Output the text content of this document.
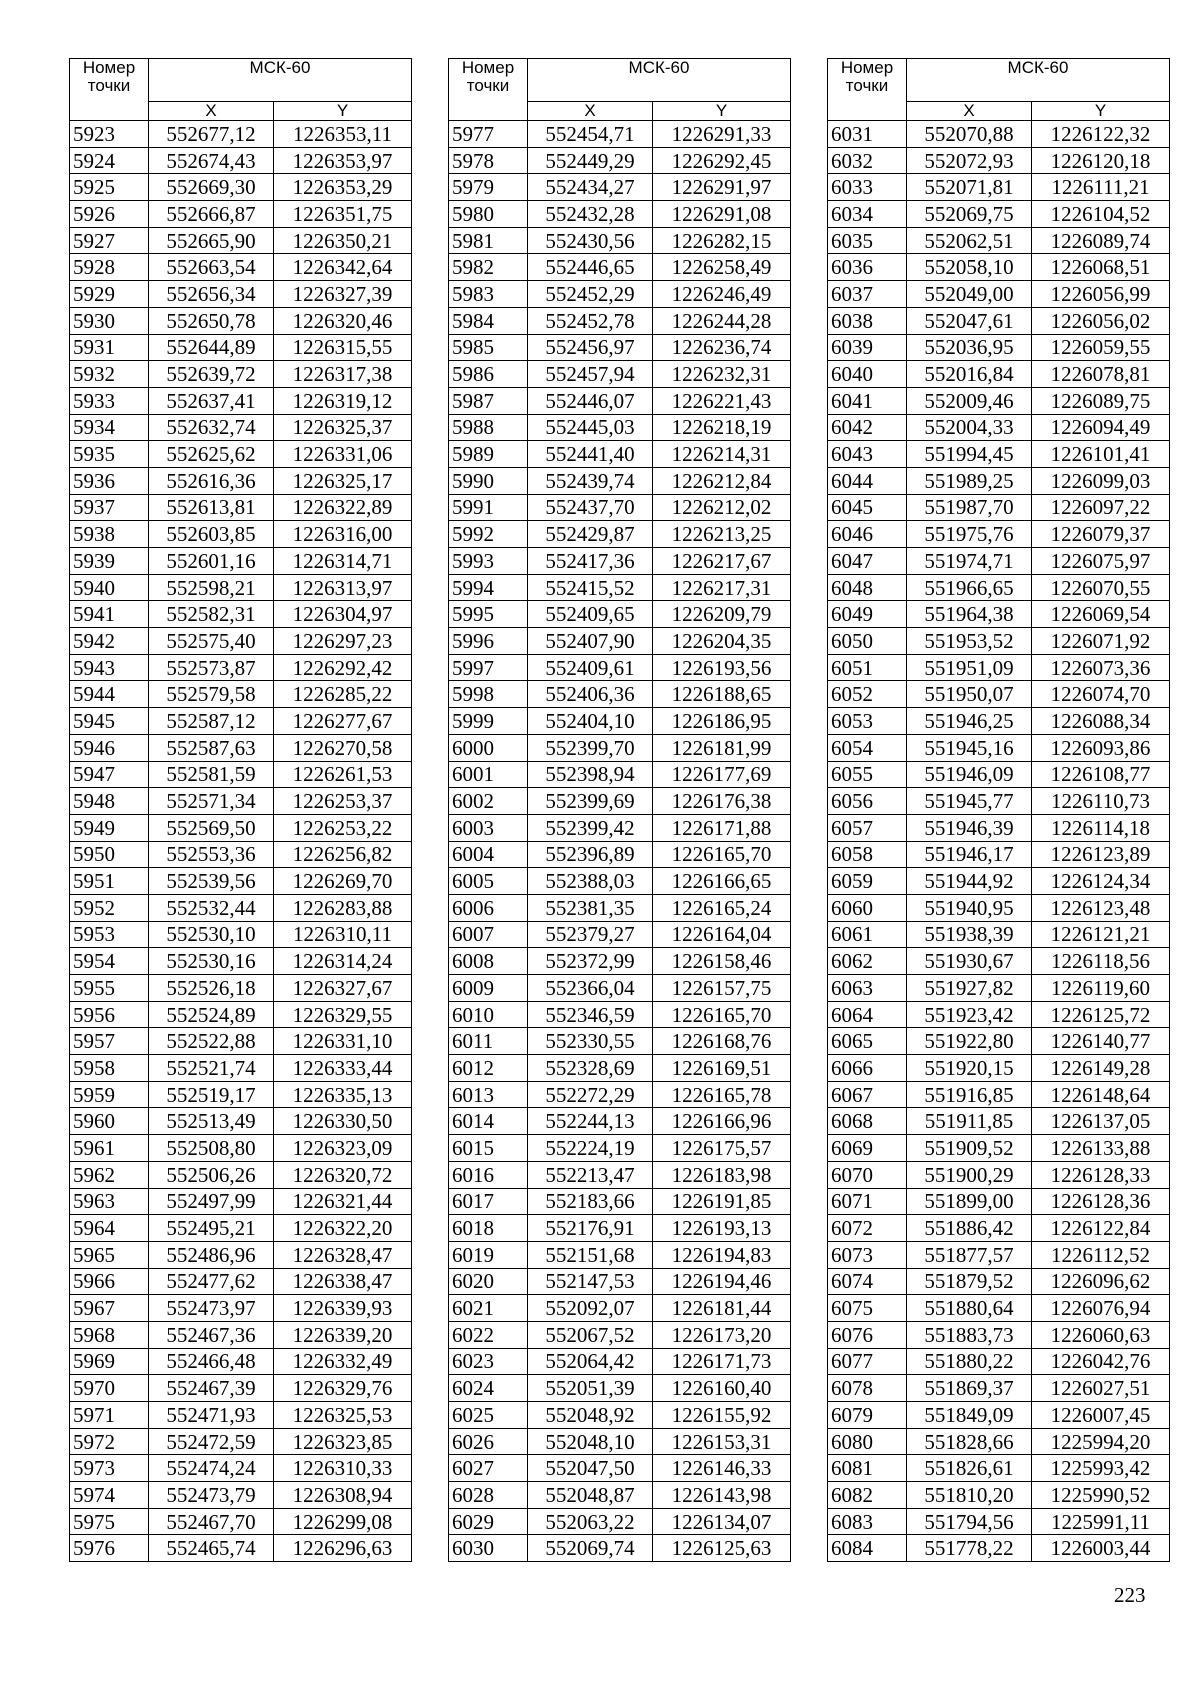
Номер точки	МСК-60	
	X	Y
5923	552677,12	1226353,11
5924	552674,43	1226353,97
5925	552669,30	1226353,29
5926	552666,87	1226351,75
5927	552665,90	1226350,21
5928	552663,54	1226342,64
5929	552656,34	1226327,39
5930	552650,78	1226320,46
5931	552644,89	1226315,55
5932	552639,72	1226317,38
5933	552637,41	1226319,12
5934	552632,74	1226325,37
5935	552625,62	1226331,06
5936	552616,36	1226325,17
5937	552613,81	1226322,89
5938	552603,85	1226316,00
5939	552601,16	1226314,71
5940	552598,21	1226313,97
5941	552582,31	1226304,97
5942	552575,40	1226297,23
5943	552573,87	1226292,42
5944	552579,58	1226285,22
5945	552587,12	1226277,67
5946	552587,63	1226270,58
5947	552581,59	1226261,53
5948	552571,34	1226253,37
5949	552569,50	1226253,22
5950	552553,36	1226256,82
5951	552539,56	1226269,70
5952	552532,44	1226283,88
5953	552530,10	1226310,11
5954	552530,16	1226314,24
5955	552526,18	1226327,67
5956	552524,89	1226329,55
5957	552522,88	1226331,10
5958	552521,74	1226333,44
5959	552519,17	1226335,13
5960	552513,49	1226330,50
5961	552508,80	1226323,09
5962	552506,26	1226320,72
5963	552497,99	1226321,44
5964	552495,21	1226322,20
5965	552486,96	1226328,47
5966	552477,62	1226338,47
5967	552473,97	1226339,93
5968	552467,36	1226339,20
5969	552466,48	1226332,49
5970	552467,39	1226329,76
5971	552471,93	1226325,53
5972	552472,59	1226323,85
5973	552474,24	1226310,33
5974	552473,79	1226308,94
5975	552467,70	1226299,08
5976	552465,74	1226296,63
Номер точки	МСК-60	
	X	Y
5977	552454,71	1226291,33
5978	552449,29	1226292,45
5979	552434,27	1226291,97
5980	552432,28	1226291,08
5981	552430,56	1226282,15
5982	552446,65	1226258,49
5983	552452,29	1226246,49
5984	552452,78	1226244,28
5985	552456,97	1226236,74
5986	552457,94	1226232,31
5987	552446,07	1226221,43
5988	552445,03	1226218,19
5989	552441,40	1226214,31
5990	552439,74	1226212,84
5991	552437,70	1226212,02
5992	552429,87	1226213,25
5993	552417,36	1226217,67
5994	552415,52	1226217,31
5995	552409,65	1226209,79
5996	552407,90	1226204,35
5997	552409,61	1226193,56
5998	552406,36	1226188,65
5999	552404,10	1226186,95
6000	552399,70	1226181,99
6001	552398,94	1226177,69
6002	552399,69	1226176,38
6003	552399,42	1226171,88
6004	552396,89	1226165,70
6005	552388,03	1226166,65
6006	552381,35	1226165,24
6007	552379,27	1226164,04
6008	552372,99	1226158,46
6009	552366,04	1226157,75
6010	552346,59	1226165,70
6011	552330,55	1226168,76
6012	552328,69	1226169,51
6013	552272,29	1226165,78
6014	552244,13	1226166,96
6015	552224,19	1226175,57
6016	552213,47	1226183,98
6017	552183,66	1226191,85
6018	552176,91	1226193,13
6019	552151,68	1226194,83
6020	552147,53	1226194,46
6021	552092,07	1226181,44
6022	552067,52	1226173,20
6023	552064,42	1226171,73
6024	552051,39	1226160,40
6025	552048,92	1226155,92
6026	552048,10	1226153,31
6027	552047,50	1226146,33
6028	552048,87	1226143,98
6029	552063,22	1226134,07
6030	552069,74	1226125,63
Номер точки	МСК-60	
	X	Y
6031	552070,88	1226122,32
6032	552072,93	1226120,18
6033	552071,81	1226111,21
6034	552069,75	1226104,52
6035	552062,51	1226089,74
6036	552058,10	1226068,51
6037	552049,00	1226056,99
6038	552047,61	1226056,02
6039	552036,95	1226059,55
6040	552016,84	1226078,81
6041	552009,46	1226089,75
6042	552004,33	1226094,49
6043	551994,45	1226101,41
6044	551989,25	1226099,03
6045	551987,70	1226097,22
6046	551975,76	1226079,37
6047	551974,71	1226075,97
6048	551966,65	1226070,55
6049	551964,38	1226069,54
6050	551953,52	1226071,92
6051	551951,09	1226073,36
6052	551950,07	1226074,70
6053	551946,25	1226088,34
6054	551945,16	1226093,86
6055	551946,09	1226108,77
6056	551945,77	1226110,73
6057	551946,39	1226114,18
6058	551946,17	1226123,89
6059	551944,92	1226124,34
6060	551940,95	1226123,48
6061	551938,39	1226121,21
6062	551930,67	1226118,56
6063	551927,82	1226119,60
6064	551923,42	1226125,72
6065	551922,80	1226140,77
6066	551920,15	1226149,28
6067	551916,85	1226148,64
6068	551911,85	1226137,05
6069	551909,52	1226133,88
6070	551900,29	1226128,33
6071	551899,00	1226128,36
6072	551886,42	1226122,84
6073	551877,57	1226112,52
6074	551879,52	1226096,62
6075	551880,64	1226076,94
6076	551883,73	1226060,63
6077	551880,22	1226042,76
6078	551869,37	1226027,51
6079	551849,09	1226007,45
6080	551828,66	1225994,20
6081	551826,61	1225993,42
6082	551810,20	1225990,52
6083	551794,56	1225991,11
6084	551778,22	1226003,44
223
